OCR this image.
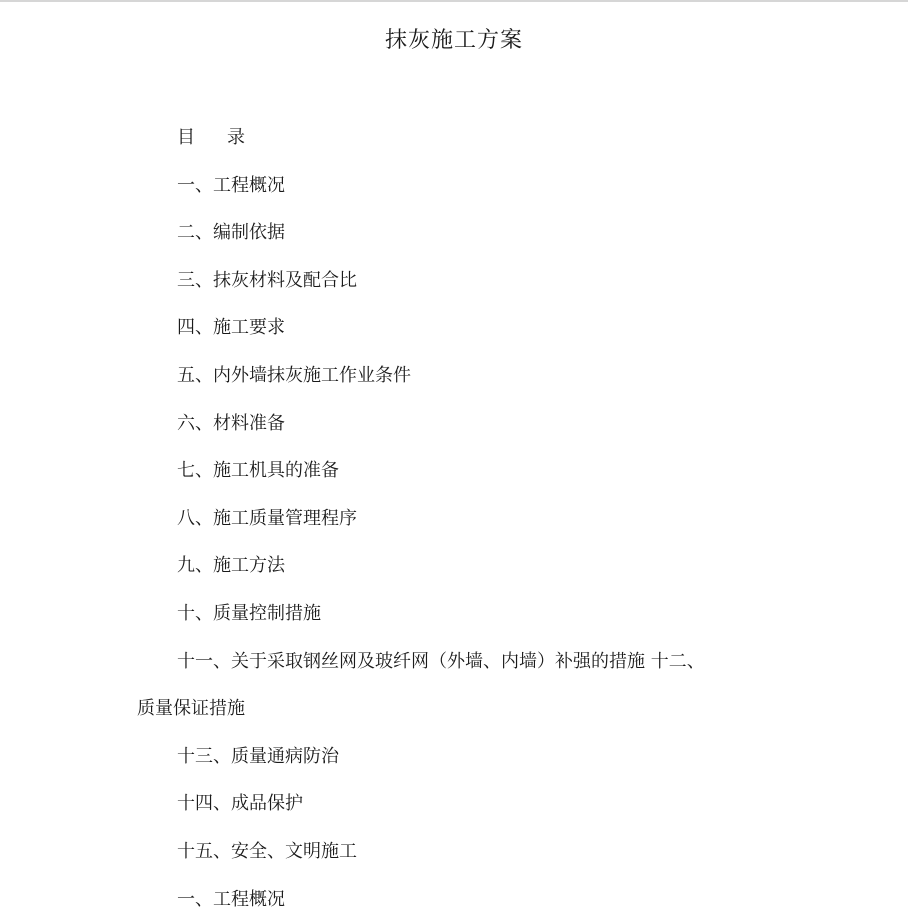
抹灰施工方案
目 录
一、工程概况
二、编制依据
三、抹灰材料及配合比
四、施工要求
五、内外墙抹灰施工作业条件
六、材料准备
七、施工机具的准备
八、施工质量管理程序
九、施工方法
十、质量控制措施
十一、关于采取钢丝网及玻纤网（外墙、内墙）补强的措施 十二、
质量保证措施
十三、质量通病防治
十四、成品保护
十五、安全、文明施工
一、工程概况
